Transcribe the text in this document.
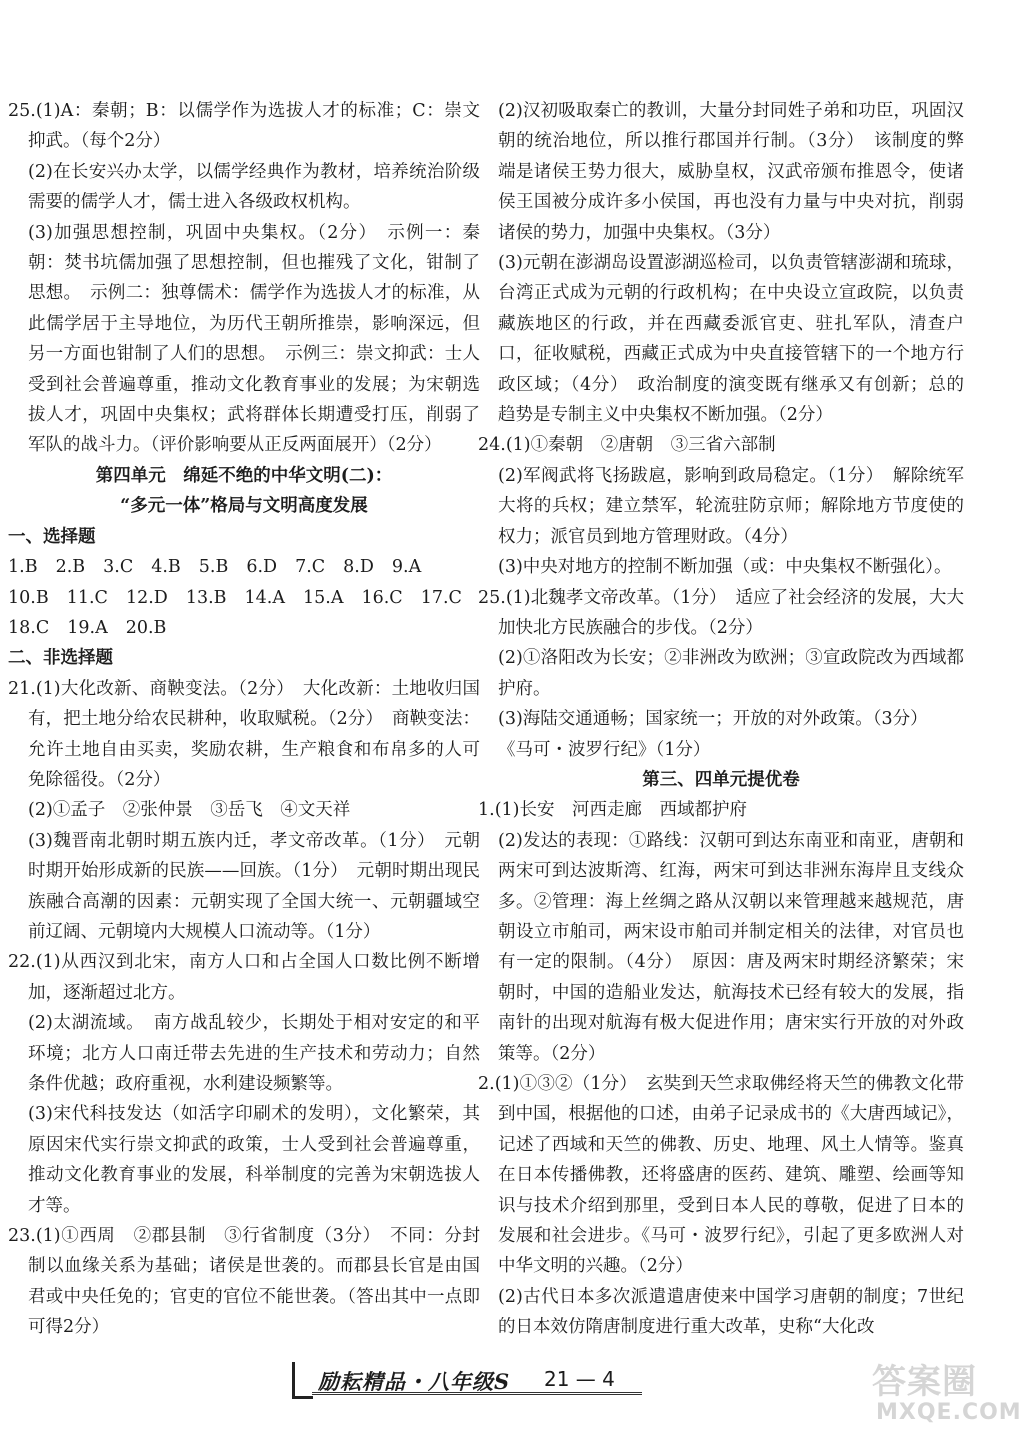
25.(1)A：秦朝；B：以儒学作为选拔人才的标准；C：崇文抑武。（每个2分）

(2)在长安兴办太学，以儒学经典作为教材，培养统治阶级需要的儒学人才，儒士进入各级政权机构。

(3)加强思想控制，巩固中央集权。（2分）　示例一：秦朝：焚书坑儒加强了思想控制，但也摧残了文化，钳制了思想。　示例二：独尊儒术：儒学作为选拔人才的标准，从此儒学居于主导地位，为历代王朝所推崇，影响深远，但另一方面也钳制了人们的思想。　示例三：崇文抑武：士人受到社会普遍尊重，推动文化教育事业的发展；为宋朝选拔人才，巩固中央集权；武将群体长期遭受打压，削弱了军队的战斗力。（评价影响要从正反两面展开）（2分）

第四单元　绵延不绝的中华文明(二)：

“多元一体”格局与文明高度发展

一、选择题

1.B 2.B 3.C 4.B 5.B 6.D 7.C 8.D 9.A
10.B 11.C 12.D 13.B 14.A 15.A 16.C 17.C
18.C 19.A 20.B

二、非选择题

21.(1)大化改新、商鞅变法。（2分）　大化改新：土地收归国有，把土地分给农民耕种，收取赋税。（2分）　商鞅变法：允许土地自由买卖，奖励农耕，生产粮食和布帛多的人可免除徭役。（2分）

(2)①孟子　②张仲景　③岳飞　④文天祥

(3)魏晋南北朝时期五族内迁，孝文帝改革。（1分）　元朝时期开始形成新的民族——回族。（1分）　元朝时期出现民族融合高潮的因素：元朝实现了全国大统一、元朝疆域空前辽阔、元朝境内大规模人口流动等。（1分）

22.(1)从西汉到北宋，南方人口和占全国人口数比例不断增加，逐渐超过北方。

(2)太湖流域。　南方战乱较少，长期处于相对安定的和平环境；北方人口南迁带去先进的生产技术和劳动力；自然条件优越；政府重视，水利建设频繁等。

(3)宋代科技发达（如活字印刷术的发明），文化繁荣，其原因宋代实行崇文抑武的政策，士人受到社会普遍尊重，推动文化教育事业的发展，科举制度的完善为宋朝选拔人才等。

23.(1)①西周　②郡县制　③行省制度（3分）　不同：分封制以血缘关系为基础；诸侯是世袭的。而郡县长官是由国君或中央任免的；官吏的官位不能世袭。（答出其中一点即可得2分）

(2)汉初吸取秦亡的教训，大量分封同姓子弟和功臣，巩固汉朝的统治地位，所以推行郡国并行制。（3分）　该制度的弊端是诸侯王势力很大，威胁皇权，汉武帝颁布推恩令，使诸侯王国被分成许多小侯国，再也没有力量与中央对抗，削弱诸侯的势力，加强中央集权。（3分）

(3)元朝在澎湖岛设置澎湖巡检司，以负责管辖澎湖和琉球，台湾正式成为元朝的行政机构；在中央设立宣政院，以负责藏族地区的行政，并在西藏委派官吏、驻扎军队，清查户口，征收赋税，西藏正式成为中央直接管辖下的一个地方行政区域；（4分）　政治制度的演变既有继承又有创新；总的趋势是专制主义中央集权不断加强。（2分）

24.(1)①秦朝　②唐朝　③三省六部制

(2)军阀武将飞扬跋扈，影响到政局稳定。（1分）　解除统军大将的兵权；建立禁军，轮流驻防京师；解除地方节度使的权力；派官员到地方管理财政。（4分）

(3)中央对地方的控制不断加强（或：中央集权不断强化）。

25.(1)北魏孝文帝改革。（1分）　适应了社会经济的发展，大大加快北方民族融合的步伐。（2分）

(2)①洛阳改为长安；②非洲改为欧洲；③宣政院改为西域都护府。

(3)海陆交通通畅；国家统一；开放的对外政策。（3分）

《马可・波罗行纪》（1分）

第三、四单元提优卷

1.(1)长安　河西走廊　西域都护府

(2)发达的表现：①路线：汉朝可到达东南亚和南亚，唐朝和两宋可到达波斯湾、红海，两宋可到达非洲东海岸且支线众多。②管理：海上丝绸之路从汉朝以来管理越来越规范，唐朝设立市舶司，两宋设市舶司并制定相关的法律，对官员也有一定的限制。（4分）　原因：唐及两宋时期经济繁荣；宋朝时，中国的造船业发达，航海技术已经有较大的发展，指南针的出现对航海有极大促进作用；唐宋实行开放的对外政策等。（2分）

2.(1)①③②（1分）　玄奘到天竺求取佛经将天竺的佛教文化带到中国，根据他的口述，由弟子记录成书的《大唐西域记》，记述了西域和天竺的佛教、历史、地理、风土人情等。鉴真在日本传播佛教，还将盛唐的医药、建筑、雕塑、绘画等知识与技术介绍到那里，受到日本人民的尊敬，促进了日本的发展和社会进步。《马可・波罗行纪》，引起了更多欧洲人对中华文明的兴趣。（2分）

(2)古代日本多次派遣遣唐使来中国学习唐朝的制度；7世纪的日本效仿隋唐制度进行重大改革，史称“大化改

励耘精品・八年级S 21 — 4	答案圈
MXQE.COM
